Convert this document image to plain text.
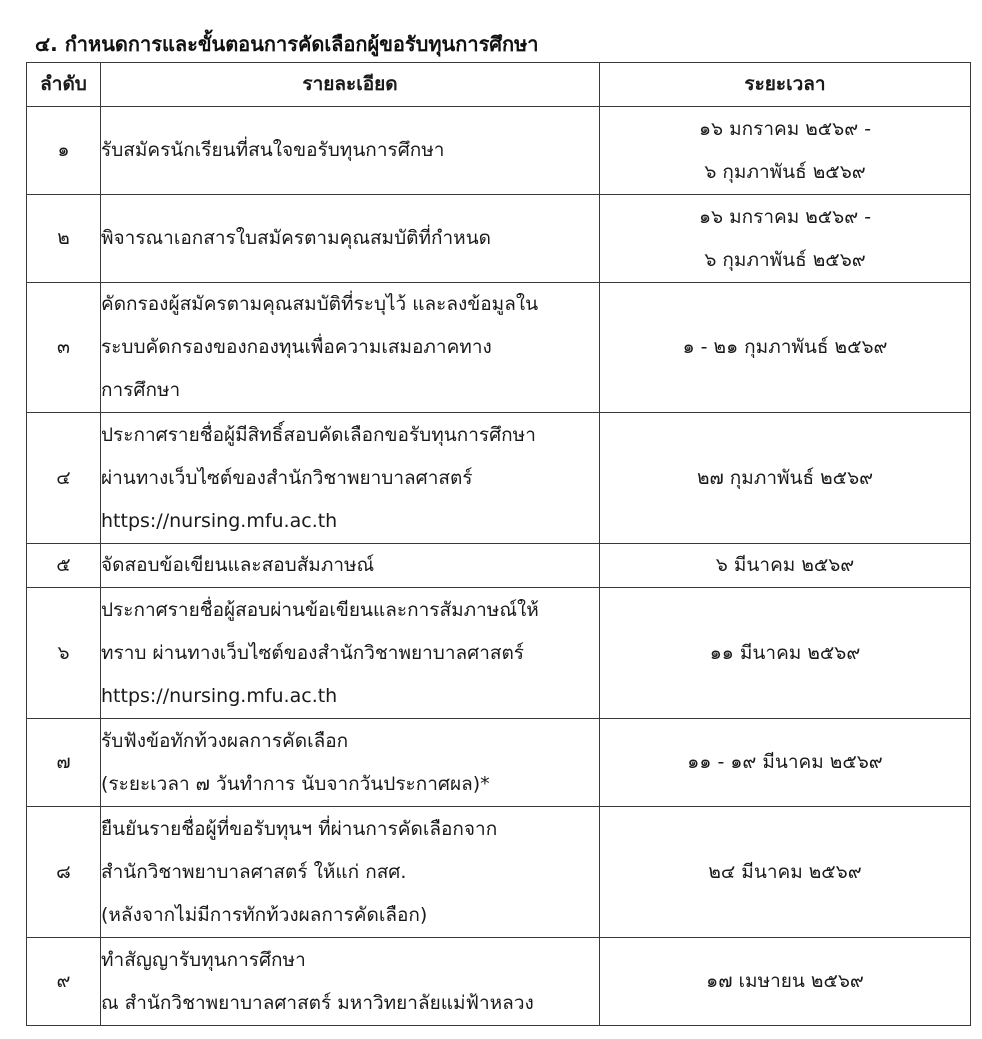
๔. กำหนดการและขั้นตอนการคัดเลือกผู้ขอรับทุนการศึกษา
ลำดับ	รายละเอียด	ระยะเวลา
๑	รับสมัครนักเรียนที่สนใจขอรับทุนการศึกษา	๑๖ มกราคม ๒๕๖๙ -
๖ กุมภาพันธ์ ๒๕๖๙

๒	พิจารณาเอกสารใบสมัครตามคุณสมบัติที่กำหนด	๑๖ มกราคม ๒๕๖๙ -
๖ กุมภาพันธ์ ๒๕๖๙

๓	คัดกรองผู้สมัครตามคุณสมบัติที่ระบุไว้ และลงข้อมูลใน
ระบบคัดกรองของกองทุนเพื่อความเสมอภาคทาง
การศึกษา	๑ - ๒๑ กุมภาพันธ์ ๒๕๖๙

๔	ประกาศรายชื่อผู้มีสิทธิ์สอบคัดเลือกขอรับทุนการศึกษา
ผ่านทางเว็บไซต์ของสำนักวิชาพยาบาลศาสตร์
https://nursing.mfu.ac.th	๒๗ กุมภาพันธ์ ๒๕๖๙

๕	จัดสอบข้อเขียนและสอบสัมภาษณ์	๖ มีนาคม ๒๕๖๙

๖	ประกาศรายชื่อผู้สอบผ่านข้อเขียนและการสัมภาษณ์ให้
ทราบ ผ่านทางเว็บไซต์ของสำนักวิชาพยาบาลศาสตร์
https://nursing.mfu.ac.th	๑๑ มีนาคม ๒๕๖๙

๗	รับฟังข้อทักท้วงผลการคัดเลือก
(ระยะเวลา ๗ วันทำการ นับจากวันประกาศผล)*	๑๑ - ๑๙ มีนาคม ๒๕๖๙

๘	ยืนยันรายชื่อผู้ที่ขอรับทุนฯ ที่ผ่านการคัดเลือกจาก
สำนักวิชาพยาบาลศาสตร์ ให้แก่ กสศ.
(หลังจากไม่มีการทักท้วงผลการคัดเลือก)	๒๔ มีนาคม ๒๕๖๙

๙	ทำสัญญารับทุนการศึกษา
ณ สำนักวิชาพยาบาลศาสตร์ มหาวิทยาลัยแม่ฟ้าหลวง	๑๗ เมษายน ๒๕๖๙
